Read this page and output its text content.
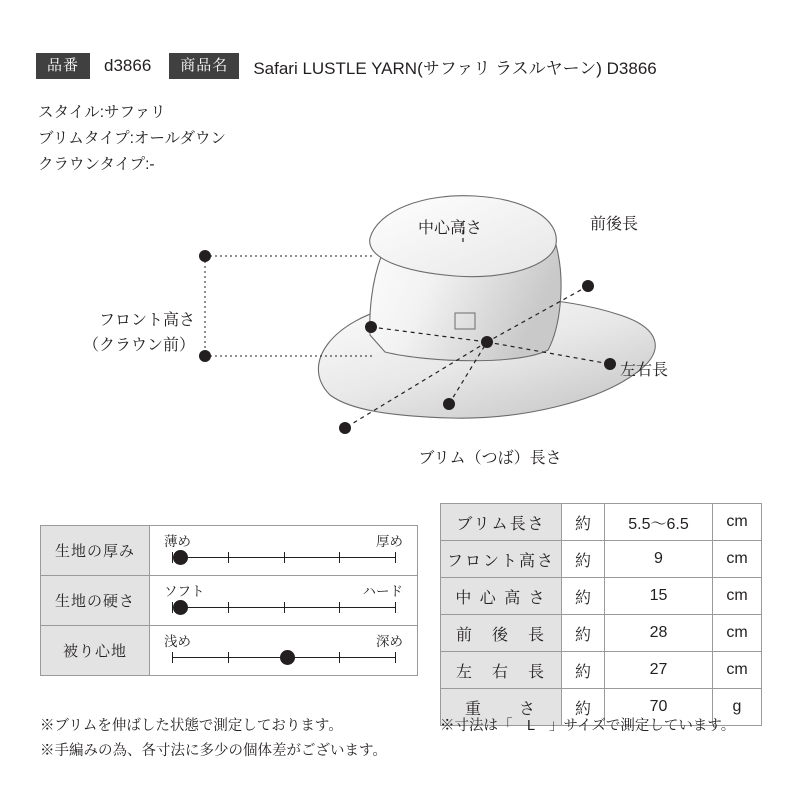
品番	d3866	商品名	Safari LUSTLE YARN(サファリ ラスルヤーン) D3866
スタイル:サファリ
ブリムタイプ:オールダウン
クラウンタイプ:-
中心高さ	前後長
フロント高さ
（クラウン前）
左右長
ブリム（つば）長さ
生地の厚み	薄め 厚め

生地の硬さ	ソフト ハード

被り心地	浅め 深め
ブリム長さ	約	5.5〜6.5	cm
フロント高さ	約	9	cm
中 心 高 さ	約	15	cm
前　後　長	約	28	cm
左　右　長	約	27	cm
重　　さ	約	70	g
※ブリムを伸ばした状態で測定しております。
※手編みの為、各寸法に多少の個体差がございます。
※寸法は「　L　」サイズで測定しています。
